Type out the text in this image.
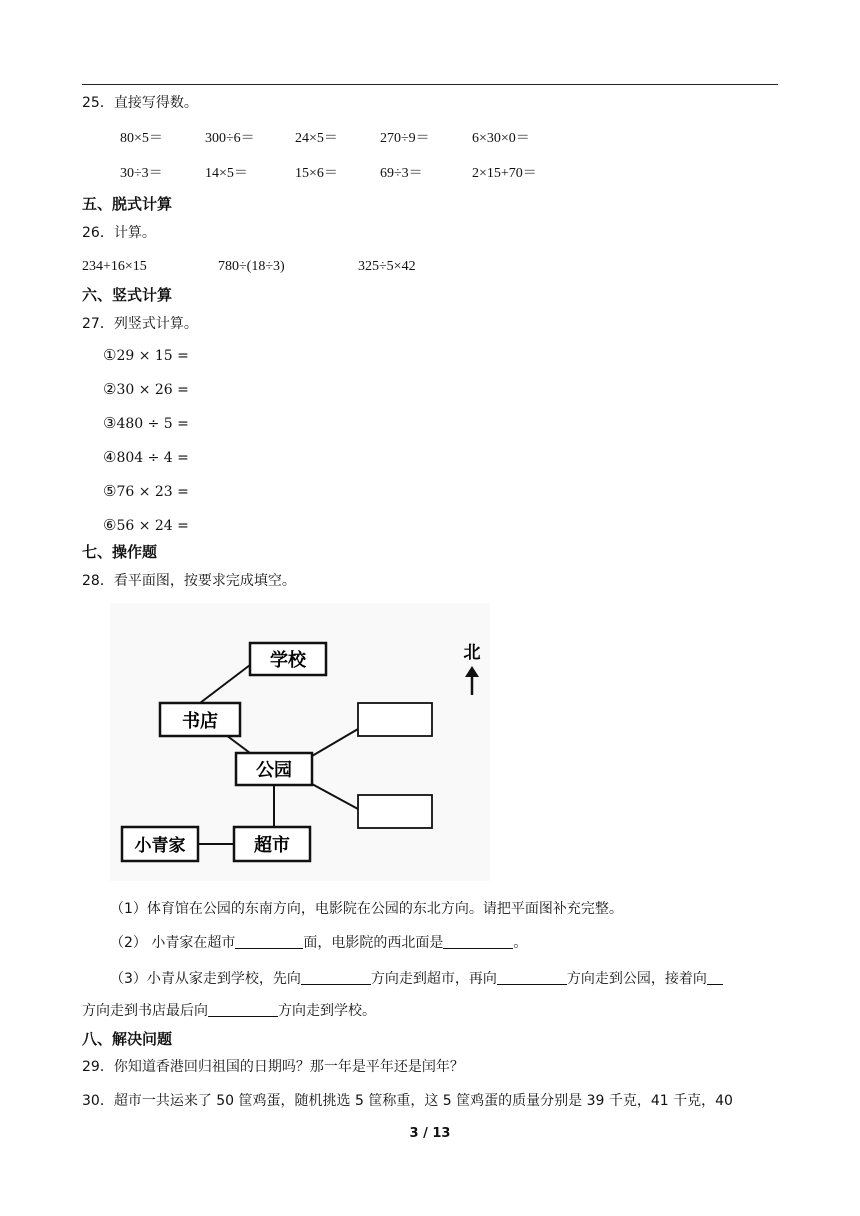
25．直接写得数。
80×5＝	300÷6＝	24×5＝	270÷9＝	6×30×0＝
30÷3＝	14×5＝	15×6＝	69÷3＝	2×15+70＝
五、脱式计算
26．计算。
234+16×15	780÷(18÷3)	325÷5×42
六、竖式计算
27．列竖式计算。
①29 × 15 =
②30 × 26 =
③480 ÷ 5 =
④804 ÷ 4 =
⑤76 × 23 =
⑥56 × 24 =
七、操作题
28．看平面图，按要求完成填空。
学校
书店
公园
小青家	超市
北
（1）体育馆在公园的东南方向，电影院在公园的东北方向。请把平面图补充完整。
（2） 小青家在超市	面，电影院的西北面是	。
（3）小青从家走到学校，先向	方向走到超市，再向	方向走到公园，接着向
方向走到书店最后向	方向走到学校。
八、解决问题
29．你知道香港回归祖国的日期吗？那一年是平年还是闰年？
30．超市一共运来了 50 筐鸡蛋，随机挑选 5 筐称重，这 5 筐鸡蛋的质量分别是 39 千克，41 千克，40
3 / 13
